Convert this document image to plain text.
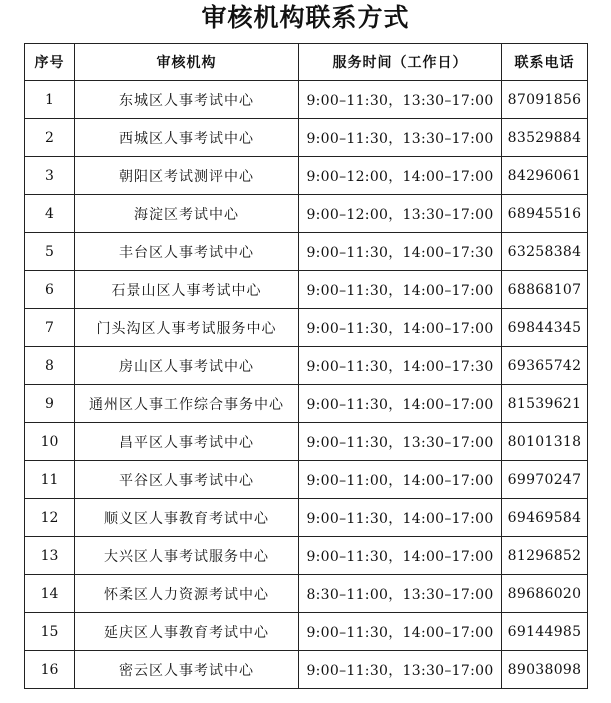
审核机构联系方式
序号	审核机构	服务时间（工作日）	联系电话
1	东城区人事考试中心	9:00–11:30，13:30–17:00	87091856
2	西城区人事考试中心	9:00–11:30，13:30–17:00	83529884
3	朝阳区考试测评中心	9:00–12:00，14:00–17:00	84296061
4	海淀区考试中心	9:00–12:00，13:30–17:00	68945516
5	丰台区人事考试中心	9:00–11:30，14:00–17:30	63258384
6	石景山区人事考试中心	9:00–11:30，14:00–17:00	68868107
7	门头沟区人事考试服务中心	9:00–11:30，14:00–17:00	69844345
8	房山区人事考试中心	9:00–11:30，14:00–17:30	69365742
9	通州区人事工作综合事务中心	9:00–11:30，14:00–17:00	81539621
10	昌平区人事考试中心	9:00–11:30，13:30–17:00	80101318
11	平谷区人事考试中心	9:00–11:00，14:00–17:00	69970247
12	顺义区人事教育考试中心	9:00–11:30，14:00–17:00	69469584
13	大兴区人事考试服务中心	9:00–11:30，14:00–17:00	81296852
14	怀柔区人力资源考试中心	8:30–11:00，13:30–17:00	89686020
15	延庆区人事教育考试中心	9:00–11:30，14:00–17:00	69144985
16	密云区人事考试中心	9:00–11:30，13:30–17:00	89038098
